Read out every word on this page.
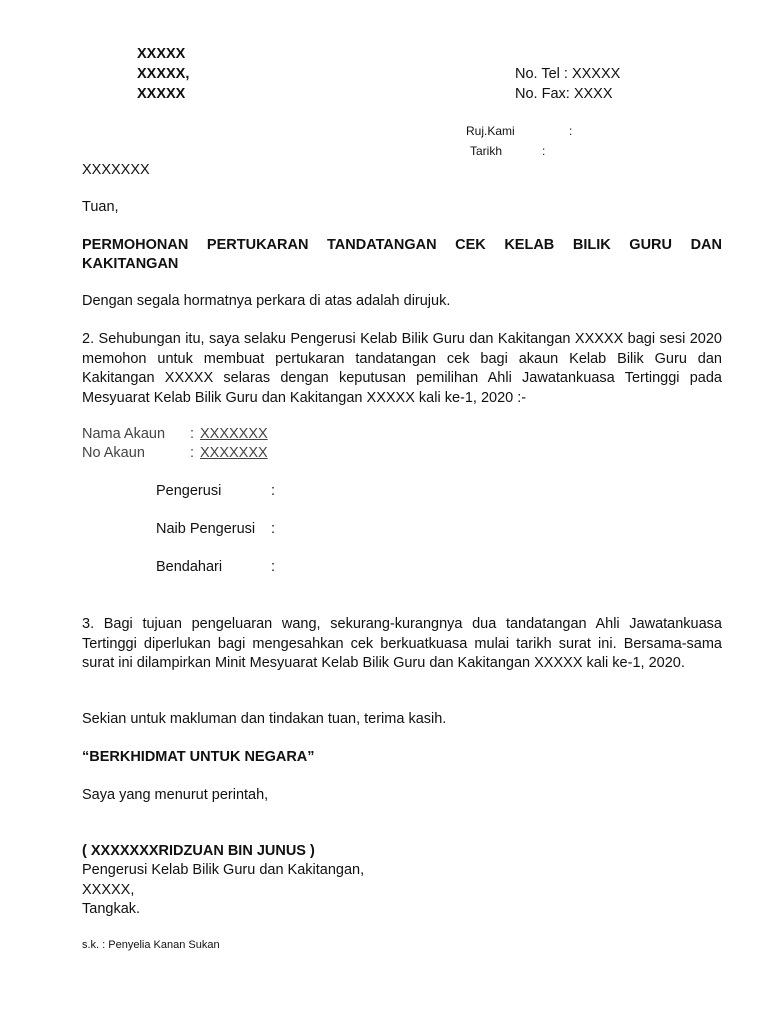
XXXXX
XXXXX,
XXXXX
No. Tel : XXXXX
No. Fax: XXXX
Ruj.Kami	:
Tarikh	:
XXXXXXX
Tuan,
PERMOHONAN PERTUKARAN TANDATANGAN CEK KELAB BILIK GURU DAN
KAKITANGAN
Dengan segala hormatnya perkara di atas adalah dirujuk.
2. Sehubungan itu, saya selaku Pengerusi Kelab Bilik Guru dan Kakitangan XXXXX bagi sesi 2020 memohon untuk membuat pertukaran tandatangan cek bagi akaun Kelab Bilik Guru dan Kakitangan XXXXX selaras dengan keputusan pemilihan Ahli Jawatankuasa Tertinggi pada Mesyuarat Kelab Bilik Guru dan Kakitangan XXXXX kali ke-1, 2020 :-
Nama Akaun : XXXXXXX
No Akaun	: XXXXXXX
Pengerusi	:
Naib Pengerusi :
Bendahari	:
3. Bagi tujuan pengeluaran wang, sekurang-kurangnya dua tandatangan Ahli Jawatankuasa Tertinggi diperlukan bagi mengesahkan cek berkuatkuasa mulai tarikh surat ini. Bersama-sama surat ini dilampirkan Minit Mesyuarat Kelab Bilik Guru dan Kakitangan XXXXX kali ke-1, 2020.
Sekian untuk makluman dan tindakan tuan, terima kasih.
“BERKHIDMAT UNTUK NEGARA”
Saya yang menurut perintah,
( XXXXXXXRIDZUAN BIN JUNUS )
Pengerusi Kelab Bilik Guru dan Kakitangan,
XXXXX,
Tangkak.
s.k. : Penyelia Kanan Sukan
